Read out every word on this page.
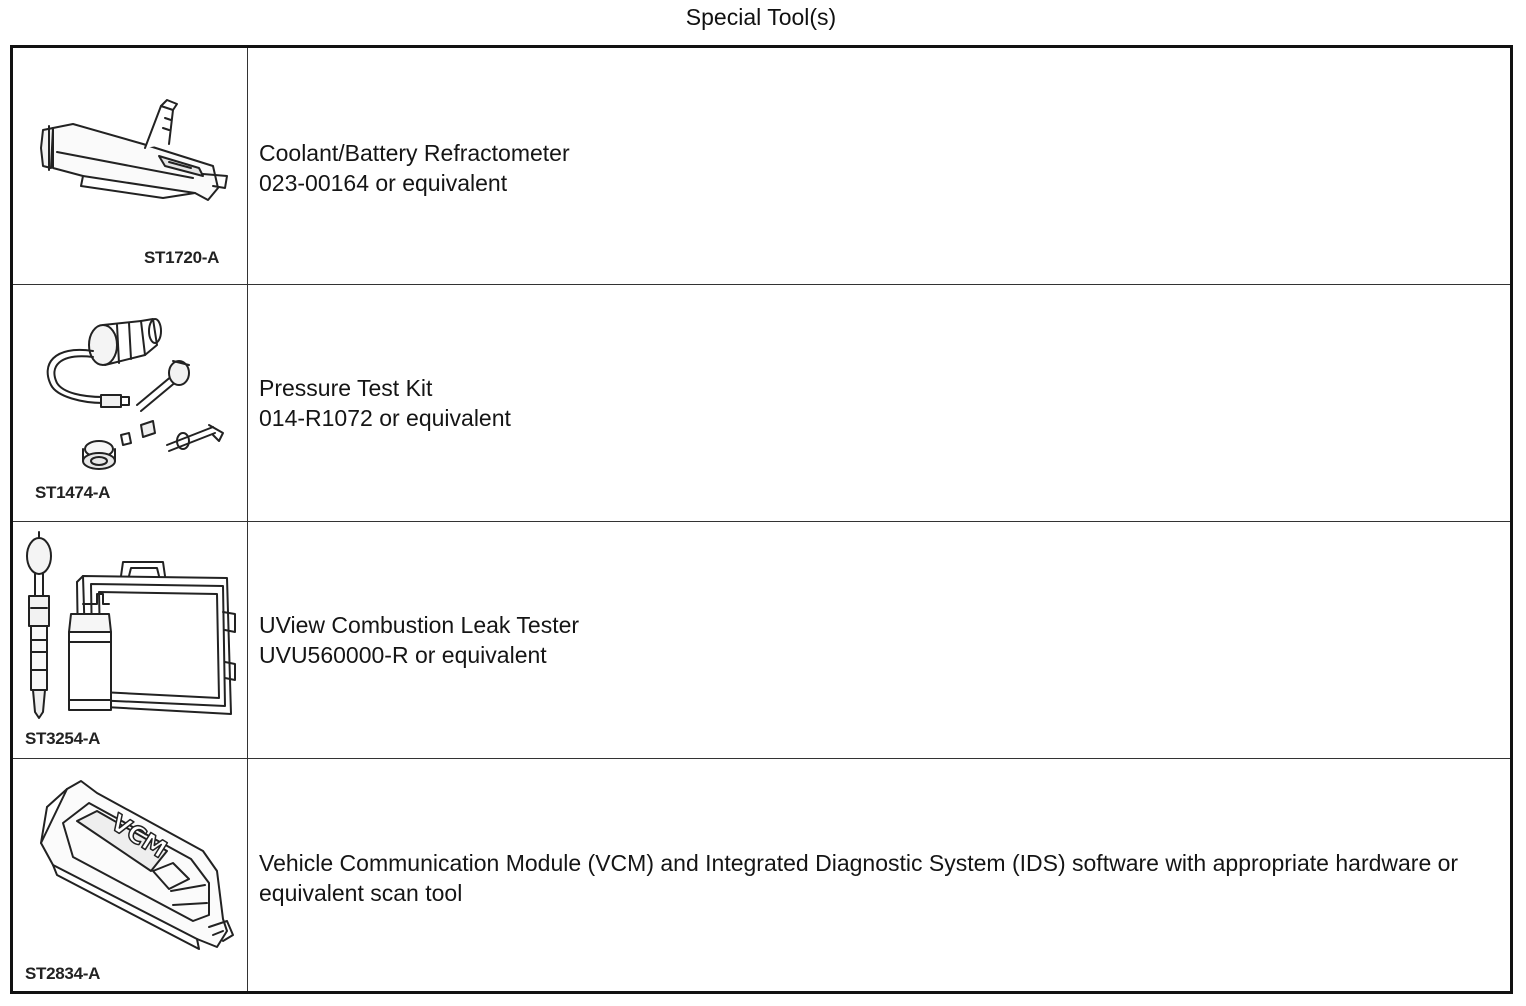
Special Tool(s)
ST1720-A
Coolant/Battery Refractometer
023-00164 or equivalent
ST1474-A
Pressure Test Kit
014-R1072 or equivalent
ST3254-A
UView Combustion Leak Tester
UVU560000-R or equivalent
VCM
ST2834-A
Vehicle Communication Module (VCM) and Integrated Diagnostic System (IDS) software with appropriate hardware or equivalent scan tool
